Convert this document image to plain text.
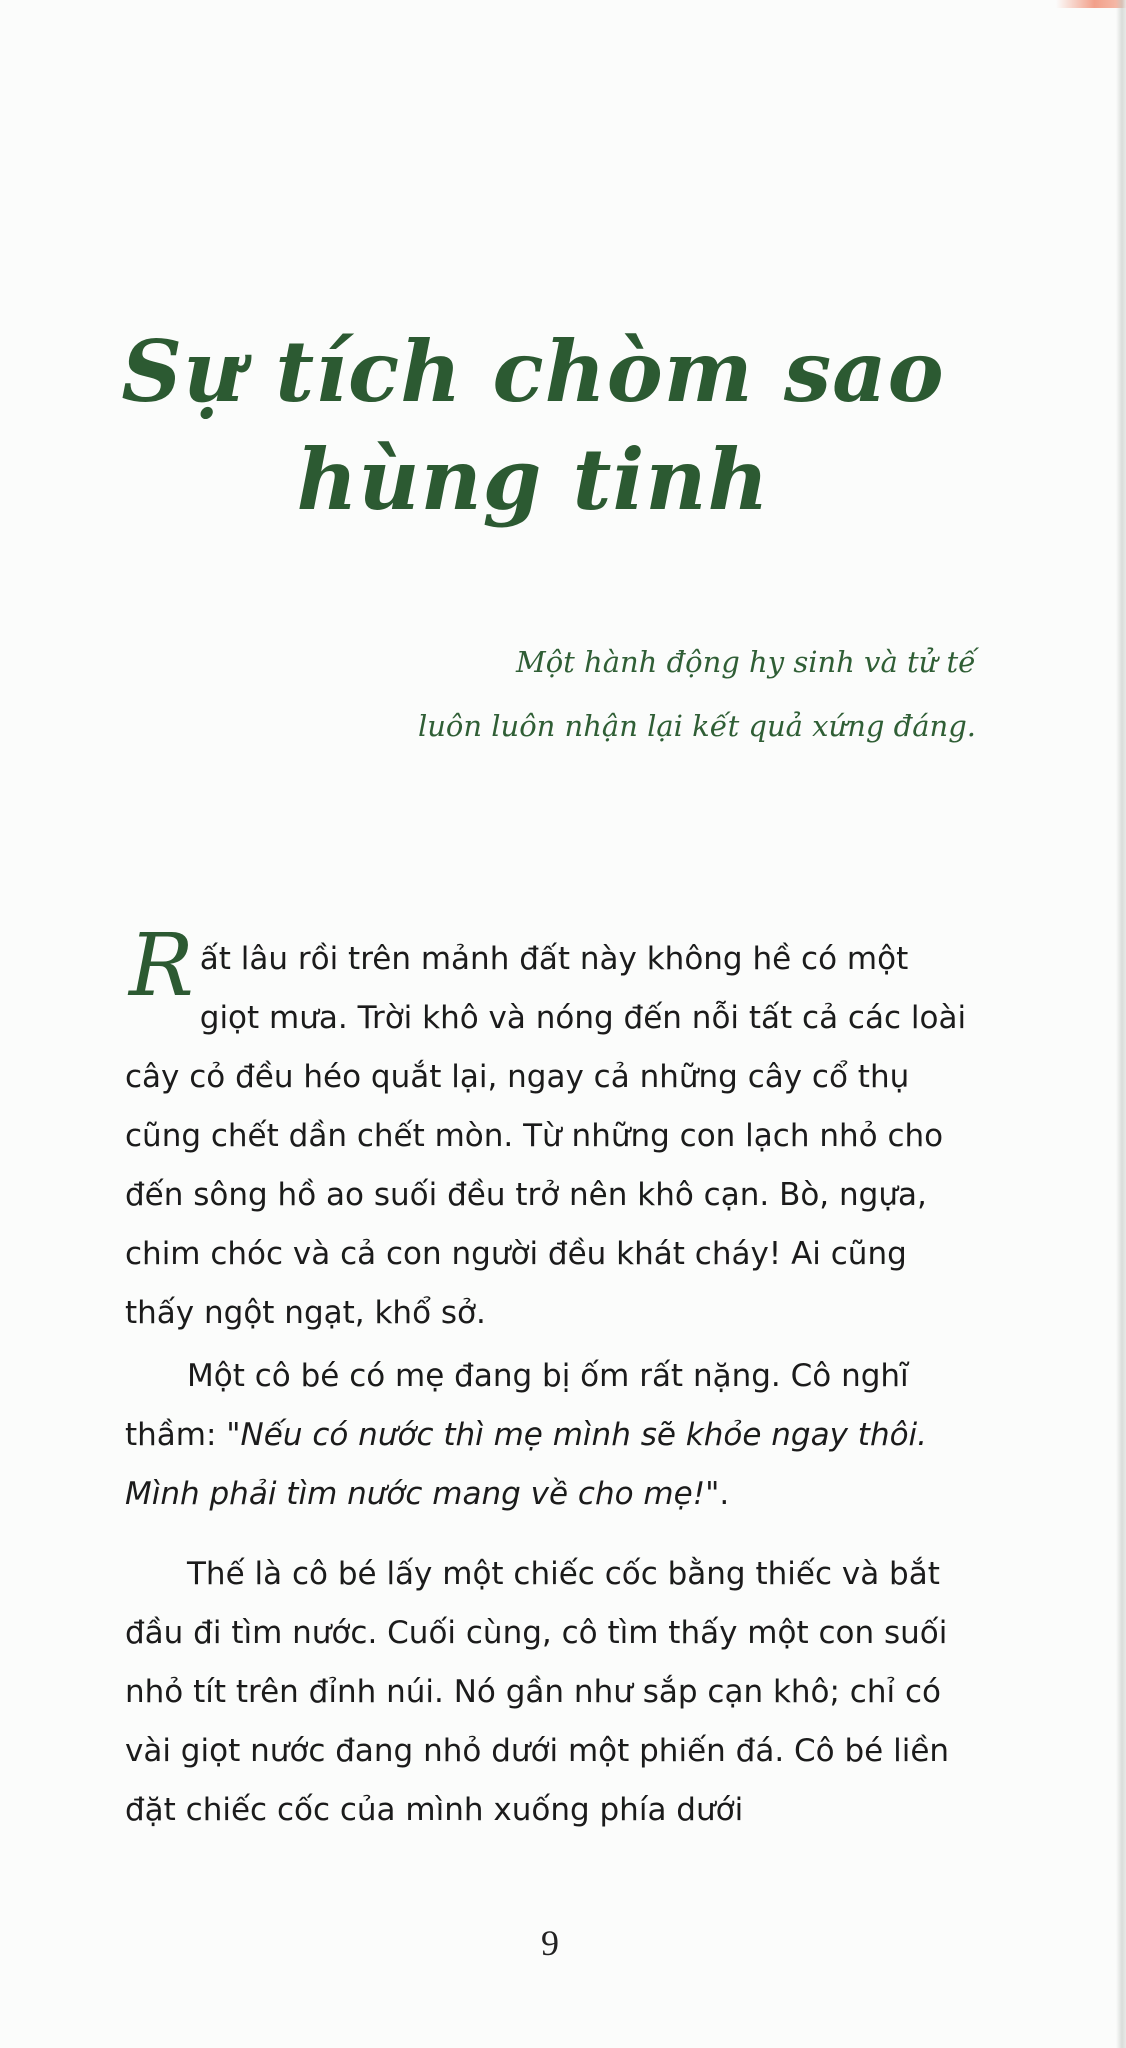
Sự tích chòm sao
hùng tinh

Một hành động hy sinh và tử tế

luôn luôn nhận lại kết quả xứng đáng.

Rất lâu rồi trên mảnh đất này không hề có một giọt mưa. Trời khô và nóng đến nỗi tất cả các loài cây cỏ đều héo quắt lại, ngay cả những cây cổ thụ cũng chết dần chết mòn. Từ những con lạch nhỏ cho đến sông hồ ao suối đều trở nên khô cạn. Bò, ngựa, chim chóc và cả con người đều khát cháy! Ai cũng thấy ngột ngạt, khổ sở.

Một cô bé có mẹ đang bị ốm rất nặng. Cô nghĩ thầm: "Nếu có nước thì mẹ mình sẽ khỏe ngay thôi. Mình phải tìm nước mang về cho mẹ!".

Thế là cô bé lấy một chiếc cốc bằng thiếc và bắt đầu đi tìm nước. Cuối cùng, cô tìm thấy một con suối nhỏ tít trên đỉnh núi. Nó gần như sắp cạn khô; chỉ có vài giọt nước đang nhỏ dưới một phiến đá. Cô bé liền đặt chiếc cốc của mình xuống phía dưới

9
